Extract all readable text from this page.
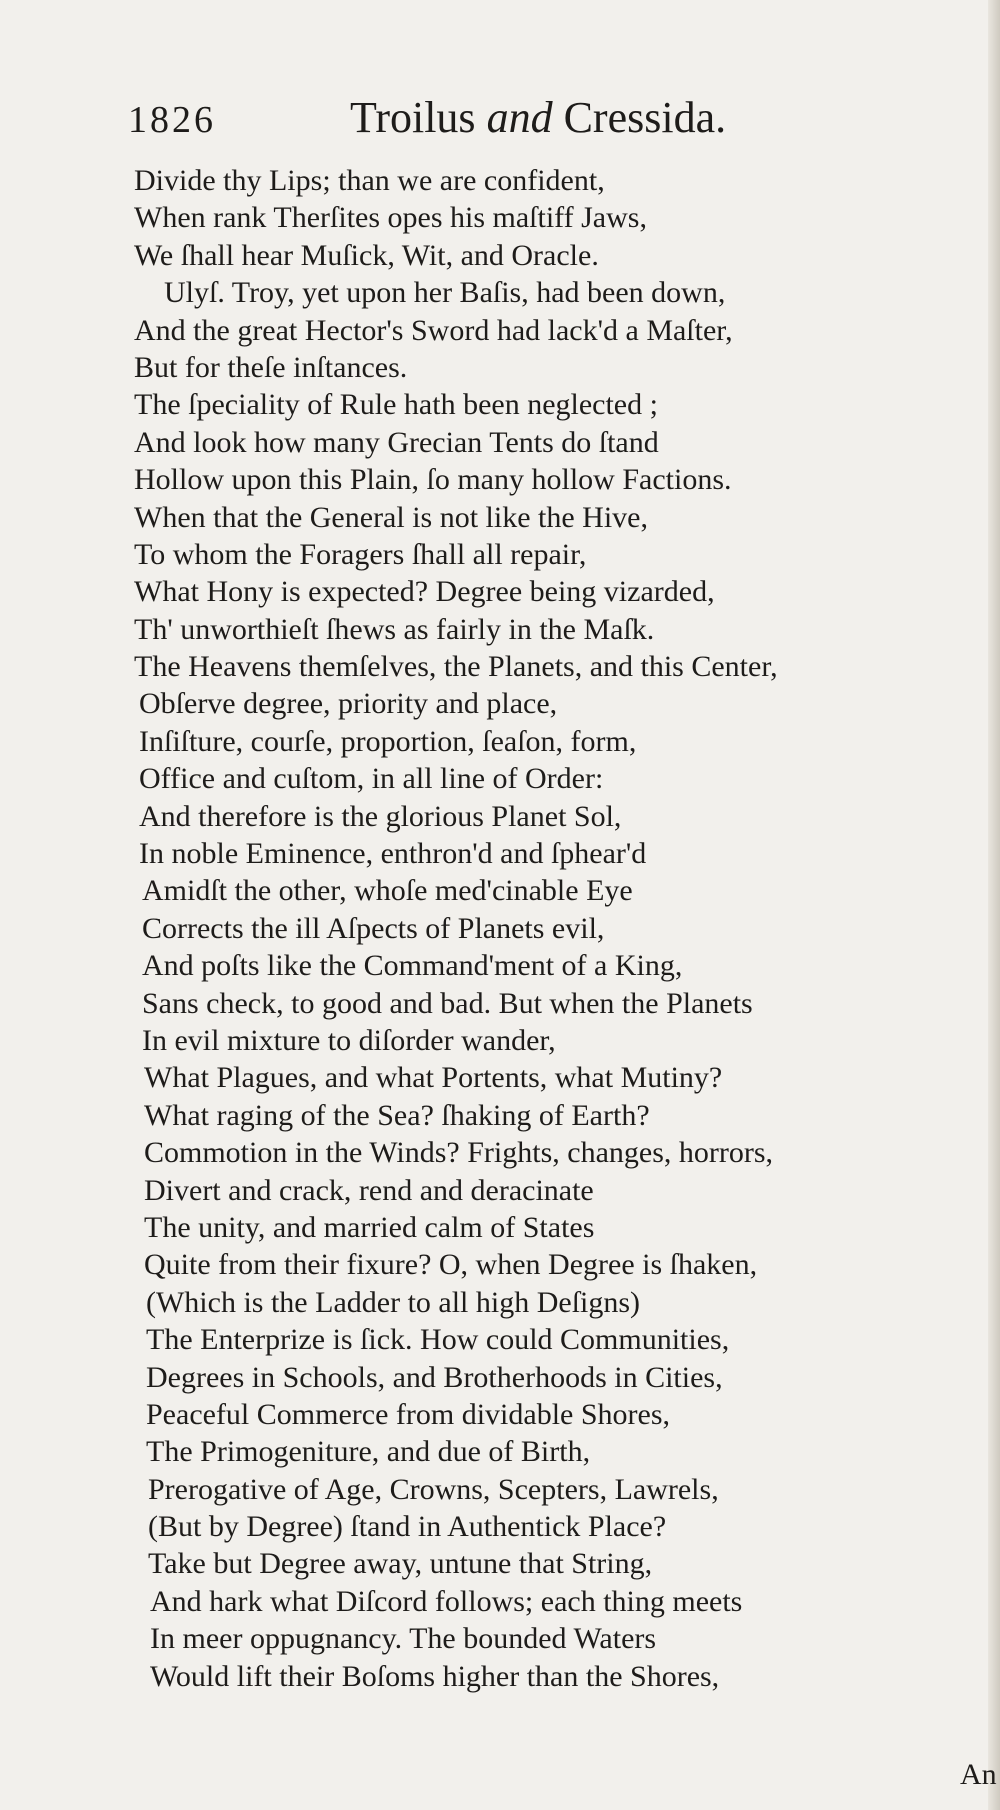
1826	Troilus and Cressida.
Divide thy Lips; than we are confident,
When rank Therſites opes his maſtiff Jaws,
We ſhall hear Muſick, Wit, and Oracle.
Ulyſ. Troy, yet upon her Baſis, had been down,
And the great Hector's Sword had lack'd a Maſter,
But for theſe inſtances.
The ſpeciality of Rule hath been neglected ;
And look how many Grecian Tents do ſtand
Hollow upon this Plain, ſo many hollow Factions.
When that the General is not like the Hive,
To whom the Foragers ſhall all repair,
What Hony is expected? Degree being vizarded,
Th' unworthieſt ſhews as fairly in the Maſk.
The Heavens themſelves, the Planets, and this Center,
Obſerve degree, priority and place,
Inſiſture, courſe, proportion, ſeaſon, form,
Office and cuſtom, in all line of Order:
And therefore is the glorious Planet Sol,
In noble Eminence, enthron'd and ſphear'd
Amidſt the other, whoſe med'cinable Eye
Corrects the ill Aſpects of Planets evil,
And poſts like the Command'ment of a King,
Sans check, to good and bad. But when the Planets
In evil mixture to diſorder wander,
What Plagues, and what Portents, what Mutiny?
What raging of the Sea? ſhaking of Earth?
Commotion in the Winds? Frights, changes, horrors,
Divert and crack, rend and deracinate
The unity, and married calm of States
Quite from their fixure? O, when Degree is ſhaken,
(Which is the Ladder to all high Deſigns)
The Enterprize is ſick. How could Communities,
Degrees in Schools, and Brotherhoods in Cities,
Peaceful Commerce from dividable Shores,
The Primogeniture, and due of Birth,
Prerogative of Age, Crowns, Scepters, Lawrels,
(But by Degree) ſtand in Authentick Place?
Take but Degree away, untune that String,
And hark what Diſcord follows; each thing meets
In meer oppugnancy. The bounded Waters
Would lift their Boſoms higher than the Shores,
An
